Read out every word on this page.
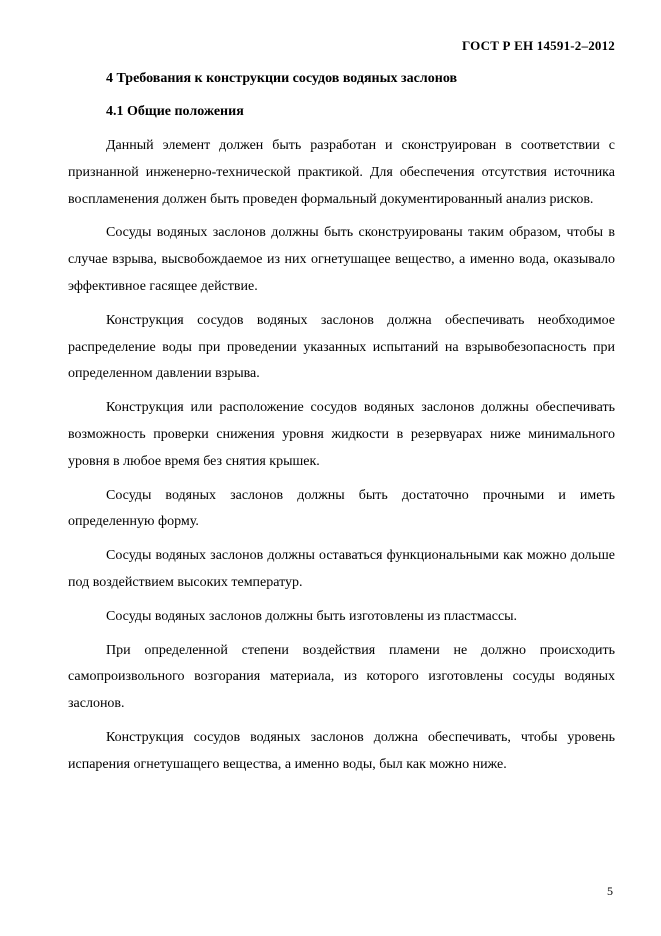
ГОСТ Р ЕН 14591-2–2012
4 Требования к конструкции сосудов водяных заслонов
4.1 Общие положения

Данный элемент должен быть разработан и сконструирован в соответствии с признанной инженерно-технической практикой. Для обеспечения отсутствия источника воспламенения должен быть проведен формальный документированный анализ рисков.

Сосуды водяных заслонов должны быть сконструированы таким образом, чтобы в случае взрыва, высвобождаемое из них огнетушащее вещество, а именно вода, оказывало эффективное гасящее действие.

Конструкция сосудов водяных заслонов должна обеспечивать необходимое распределение воды при проведении указанных испытаний на взрывобезопасность при определенном давлении взрыва.

Конструкция или расположение сосудов водяных заслонов должны обеспечивать возможность проверки снижения уровня жидкости в резервуарах ниже минимального уровня в любое время без снятия крышек.

Сосуды водяных заслонов должны быть достаточно прочными и иметь определенную форму.

Сосуды водяных заслонов должны оставаться функциональными как можно дольше под воздействием высоких температур.

Сосуды водяных заслонов должны быть изготовлены из пластмассы.

При определенной степени воздействия пламени не должно происходить самопроизвольного возгорания материала, из которого изготовлены сосуды водяных заслонов.

Конструкция сосудов водяных заслонов должна обеспечивать, чтобы уровень испарения огнетушащего вещества, а именно воды, был как можно ниже.

5
